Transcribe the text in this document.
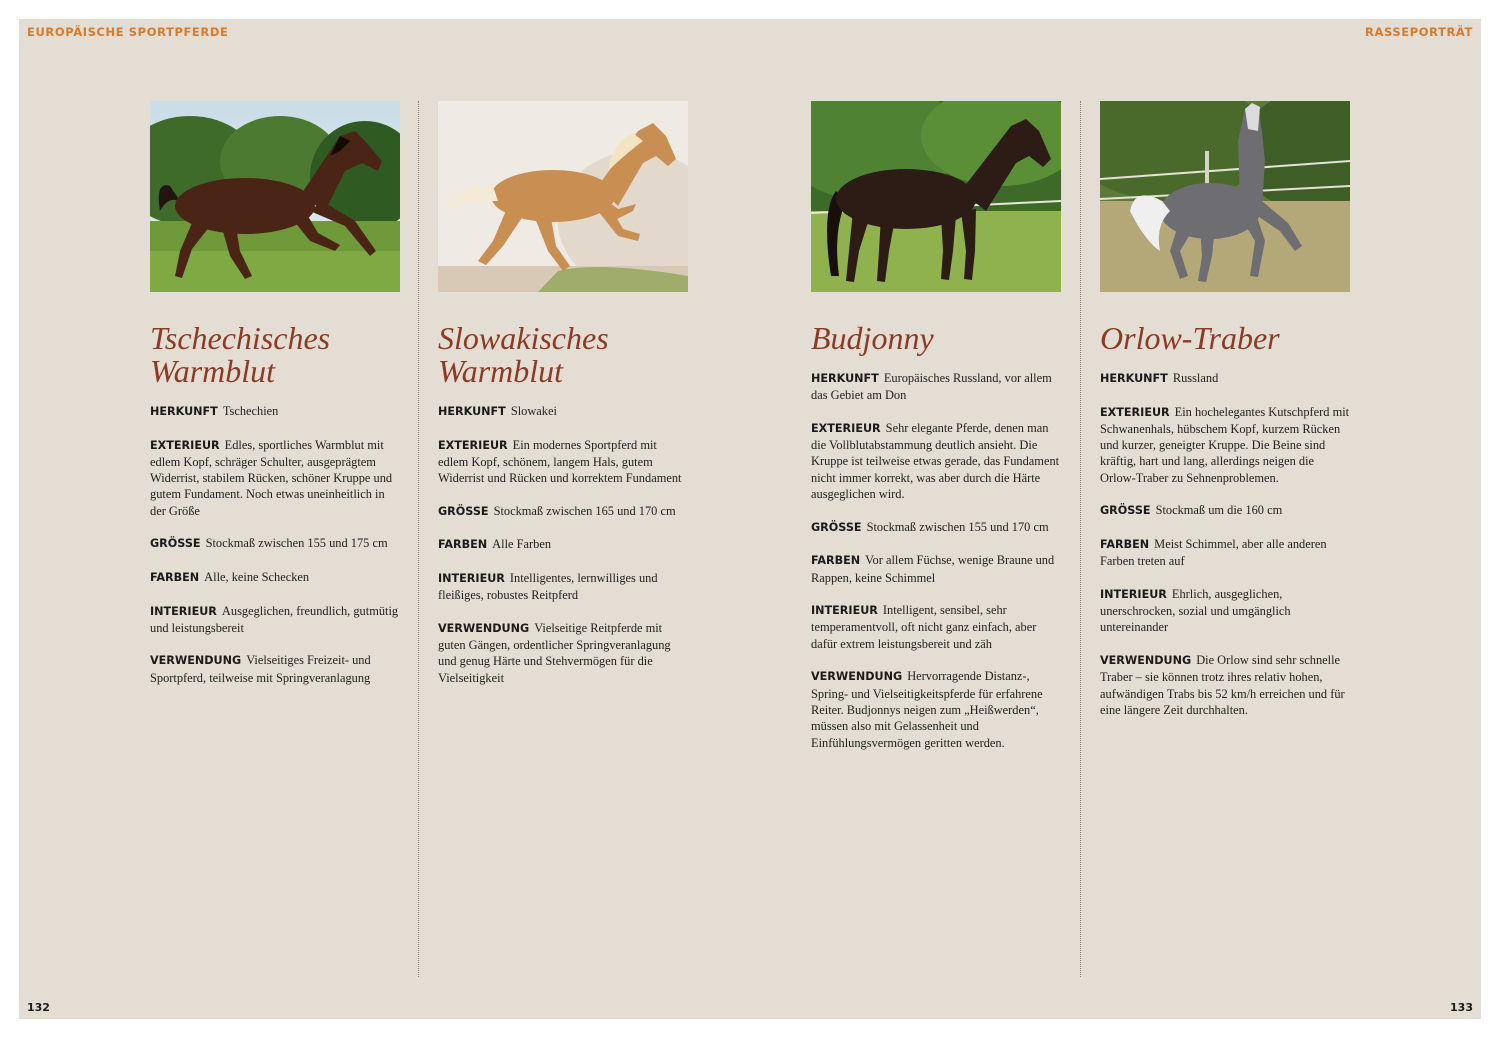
EUROPÄISCHE SPORTPFERDE	RASSEPORTRÄT
Tschechisches
Warmblut

HERKUNFT Tschechien

EXTERIEUR Edles, sportliches Warmblut mit edlem Kopf, schräger Schulter, ausgeprägtem Widerrist, stabilem Rücken, schöner Kruppe und gutem Fundament. Noch etwas uneinheitlich in der Größe

GRÖSSE Stockmaß zwischen 155 und 175 cm

FARBEN Alle, keine Schecken

INTERIEUR Ausgeglichen, freundlich, gutmütig und leistungsbereit

VERWENDUNG Vielseitiges Freizeit- und Sportpferd, teilweise mit Springveranlagung

Slowakisches
Warmblut

HERKUNFT Slowakei

EXTERIEUR Ein modernes Sportpferd mit edlem Kopf, schönem, langem Hals, gutem Widerrist und Rücken und korrektem Fundament

GRÖSSE Stockmaß zwischen 165 und 170 cm

FARBEN Alle Farben

INTERIEUR Intelligentes, lernwilliges und fleißiges, robustes Reitpferd

VERWENDUNG Vielseitige Reitpferde mit guten Gängen, ordentlicher Springveranlagung und genug Härte und Stehvermögen für die Vielseitigkeit

Budjonny

HERKUNFT Europäisches Russland, vor allem das Gebiet am Don

EXTERIEUR Sehr elegante Pferde, denen man die Vollblutabstammung deutlich ansieht. Die Kruppe ist teilweise etwas gerade, das Fundament nicht immer korrekt, was aber durch die Härte ausgeglichen wird.

GRÖSSE Stockmaß zwischen 155 und 170 cm

FARBEN Vor allem Füchse, wenige Braune und Rappen, keine Schimmel

INTERIEUR Intelligent, sensibel, sehr temperamentvoll, oft nicht ganz einfach, aber dafür extrem leistungsbereit und zäh

VERWENDUNG Hervorragende Distanz-, Spring- und Vielseitigkeitspferde für erfahrene Reiter. Budjonnys neigen zum „Heißwerden“, müssen also mit Gelassenheit und Einfühlungsvermögen geritten werden.

Orlow-Traber

HERKUNFT Russland

EXTERIEUR Ein hochelegantes Kutschpferd mit Schwanenhals, hübschem Kopf, kurzem Rücken und kurzer, geneigter Kruppe. Die Beine sind kräftig, hart und lang, allerdings neigen die Orlow-Traber zu Sehnenproblemen.

GRÖSSE Stockmaß um die 160 cm

FARBEN Meist Schimmel, aber alle anderen Farben treten auf

INTERIEUR Ehrlich, ausgeglichen, unerschrocken, sozial und umgänglich untereinander

VERWENDUNG Die Orlow sind sehr schnelle Traber – sie können trotz ihres relativ hohen, aufwändigen Trabs bis 52 km/h erreichen und für eine längere Zeit durchhalten.

132	133
